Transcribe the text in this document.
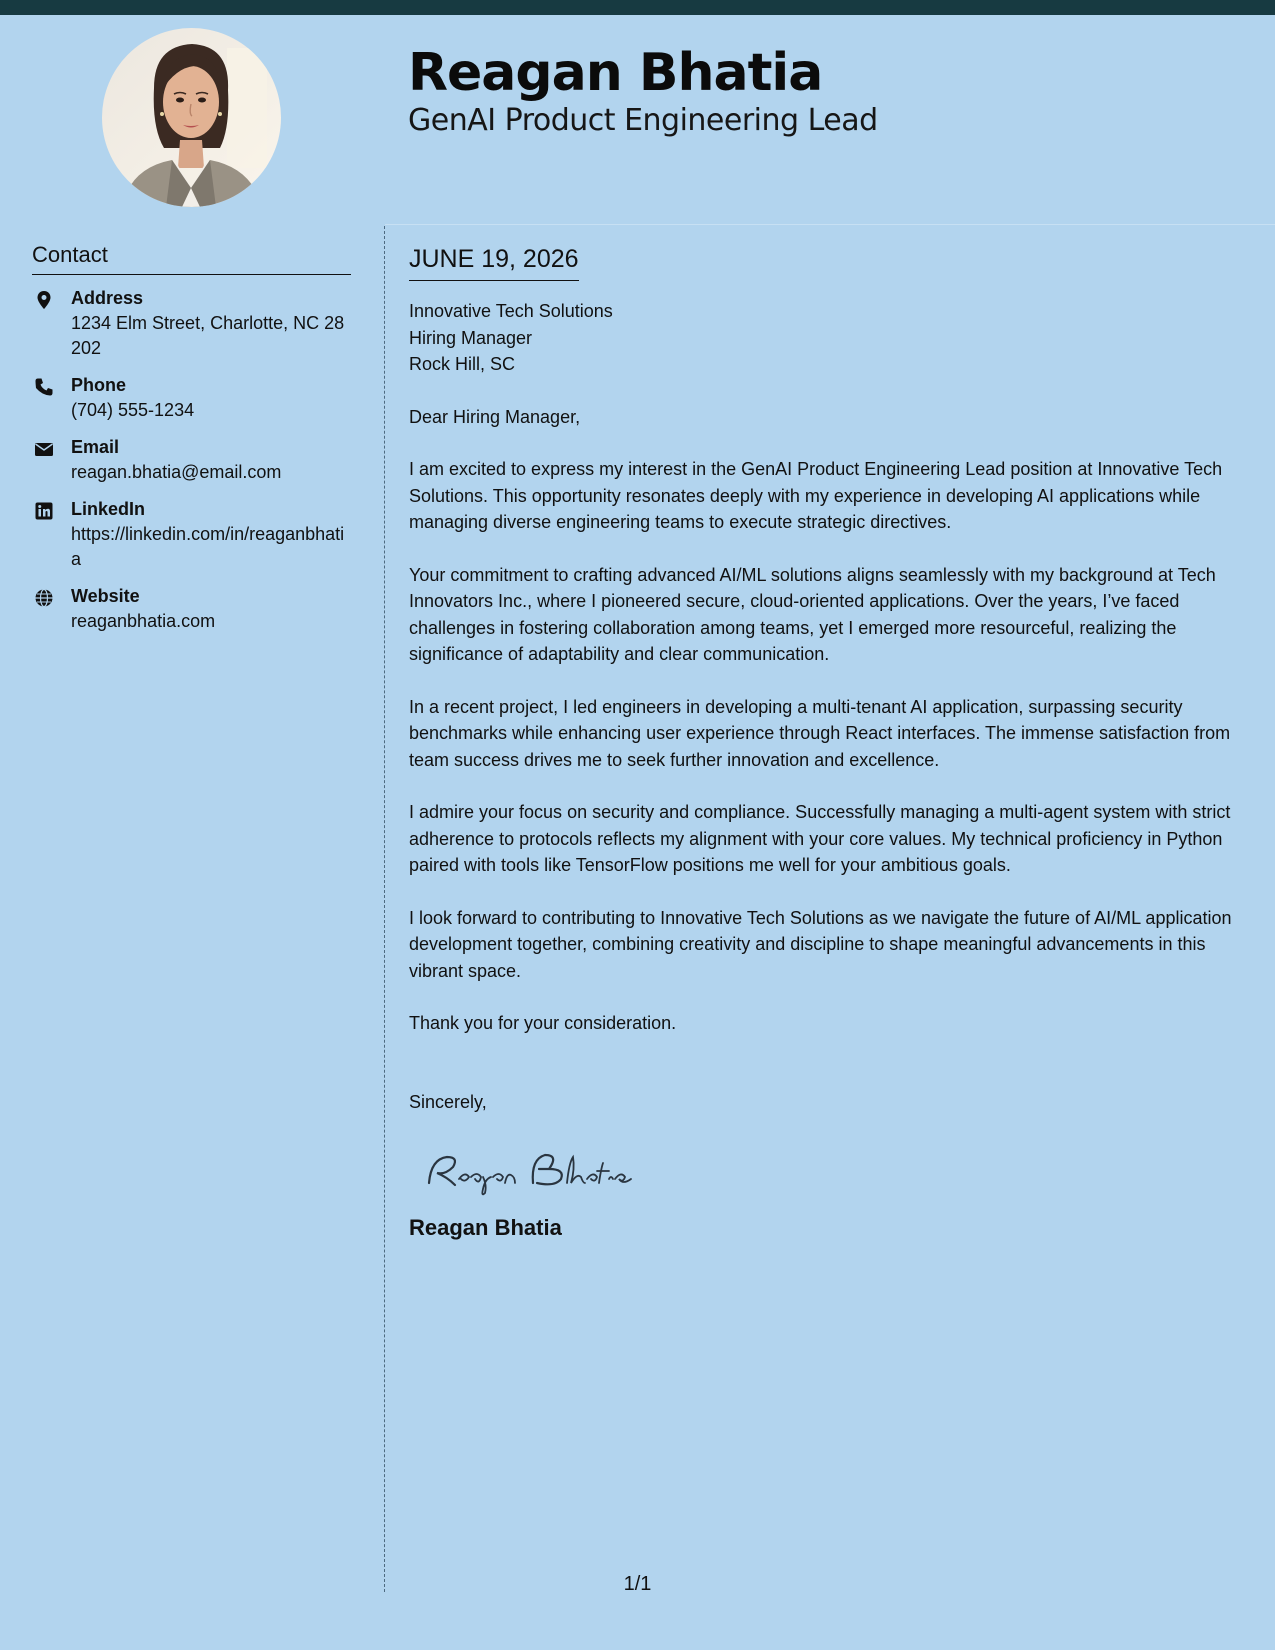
Reagan Bhatia
GenAI Product Engineering Lead
Contact
Address
1234 Elm Street, Charlotte, NC 28202
Phone
(704) 555-1234
Email
reagan.bhatia@email.com
LinkedIn
https://linkedin.com/in/reaganbhatia
Website
reaganbhatia.com
JUNE 19, 2026
Innovative Tech Solutions
Hiring Manager
Rock Hill, SC

Dear Hiring Manager,

I am excited to express my interest in the GenAI Product Engineering Lead position at Innovative Tech Solutions. This opportunity resonates deeply with my experience in developing AI applications while managing diverse engineering teams to execute strategic directives.

Your commitment to crafting advanced AI/ML solutions aligns seamlessly with my background at Tech Innovators Inc., where I pioneered secure, cloud-oriented applications. Over the years, I’ve faced challenges in fostering collaboration among teams, yet I emerged more resourceful, realizing the significance of adaptability and clear communication.

In a recent project, I led engineers in developing a multi-tenant AI application, surpassing security benchmarks while enhancing user experience through React interfaces. The immense satisfaction from team success drives me to seek further innovation and excellence.

I admire your focus on security and compliance. Successfully managing a multi-agent system with strict adherence to protocols reflects my alignment with your core values. My technical proficiency in Python paired with tools like TensorFlow positions me well for your ambitious goals.

I look forward to contributing to Innovative Tech Solutions as we navigate the future of AI/ML application development together, combining creativity and discipline to shape meaningful advancements in this vibrant space.

Thank you for your consideration.

Sincerely,

Reagan Bhatia
1/1
